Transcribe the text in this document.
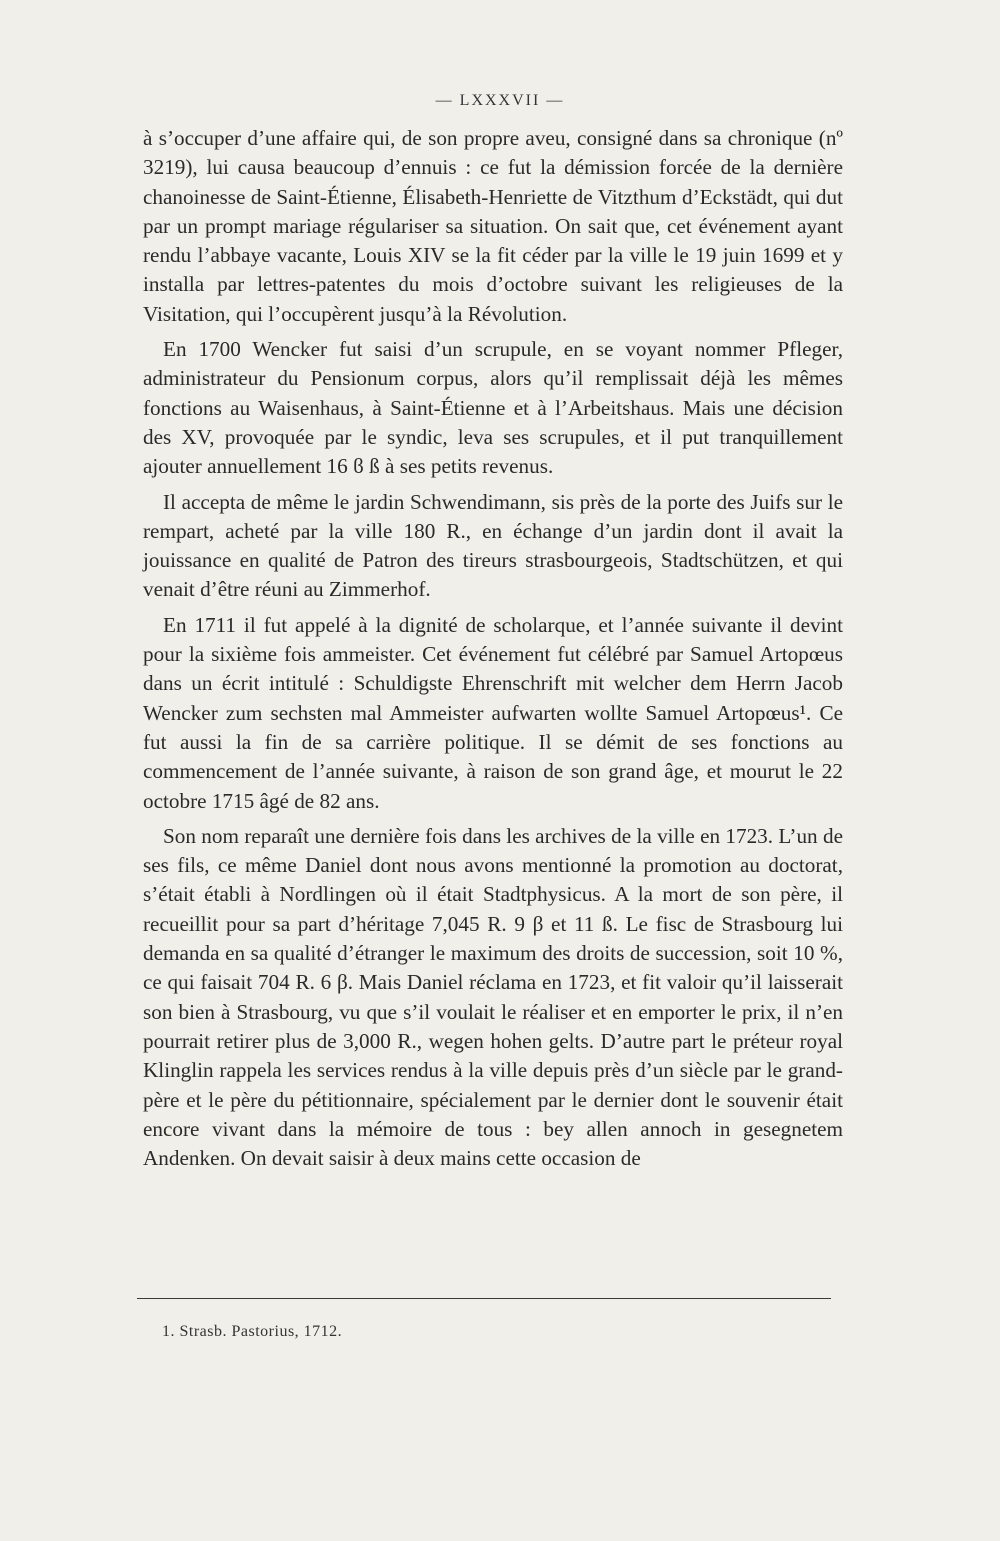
— LXXXVII —

à s’occuper d’une affaire qui, de son propre aveu, consigné dans sa chronique (nº 3219), lui causa beaucoup d’ennuis : ce fut la démission forcée de la dernière chanoinesse de Saint-Étienne, Élisabeth-Henriette de Vitzthum d’Eckstädt, qui dut par un prompt mariage régulariser sa situation. On sait que, cet événement ayant rendu l’abbaye vacante, Louis XIV se la fit céder par la ville le 19 juin 1699 et y installa par lettres-patentes du mois d’octobre suivant les religieuses de la Visitation, qui l’occupèrent jusqu’à la Révolution.

En 1700 Wencker fut saisi d’un scrupule, en se voyant nommer Pfleger, administrateur du Pensionum corpus, alors qu’il remplissait déjà les mêmes fonctions au Waisenhaus, à Saint-Étienne et à l’Arbeitshaus. Mais une décision des XV, provoquée par le syndic, leva ses scrupules, et il put tranquillement ajouter annuellement 16 ϐ ß à ses petits revenus.

Il accepta de même le jardin Schwendimann, sis près de la porte des Juifs sur le rempart, acheté par la ville 180 R., en échange d’un jardin dont il avait la jouissance en qualité de Patron des tireurs strasbourgeois, Stadtschützen, et qui venait d’être réuni au Zimmerhof.

En 1711 il fut appelé à la dignité de scholarque, et l’année suivante il devint pour la sixième fois ammeister. Cet événement fut célébré par Samuel Artopœus dans un écrit intitulé : Schuldigste Ehrenschrift mit welcher dem Herrn Jacob Wencker zum sechsten mal Ammeister aufwarten wollte Samuel Artopœus¹. Ce fut aussi la fin de sa carrière politique. Il se démit de ses fonctions au commencement de l’année suivante, à raison de son grand âge, et mourut le 22 octobre 1715 âgé de 82 ans.

Son nom reparaît une dernière fois dans les archives de la ville en 1723. L’un de ses fils, ce même Daniel dont nous avons mentionné la promotion au doctorat, s’était établi à Nordlingen où il était Stadtphysicus. A la mort de son père, il recueillit pour sa part d’héritage 7,045 R. 9 β et 11 ß. Le fisc de Strasbourg lui demanda en sa qualité d’étranger le maximum des droits de succession, soit 10 %, ce qui faisait 704 R. 6 β. Mais Daniel réclama en 1723, et fit valoir qu’il laisserait son bien à Strasbourg, vu que s’il voulait le réaliser et en emporter le prix, il n’en pourrait retirer plus de 3,000 R., wegen hohen gelts. D’autre part le préteur royal Klinglin rappela les services rendus à la ville depuis près d’un siècle par le grand-père et le père du pétitionnaire, spécialement par le dernier dont le souvenir était encore vivant dans la mémoire de tous : bey allen annoch in gesegnetem Andenken. On devait saisir à deux mains cette occasion de

1. Strasb. Pastorius, 1712.
